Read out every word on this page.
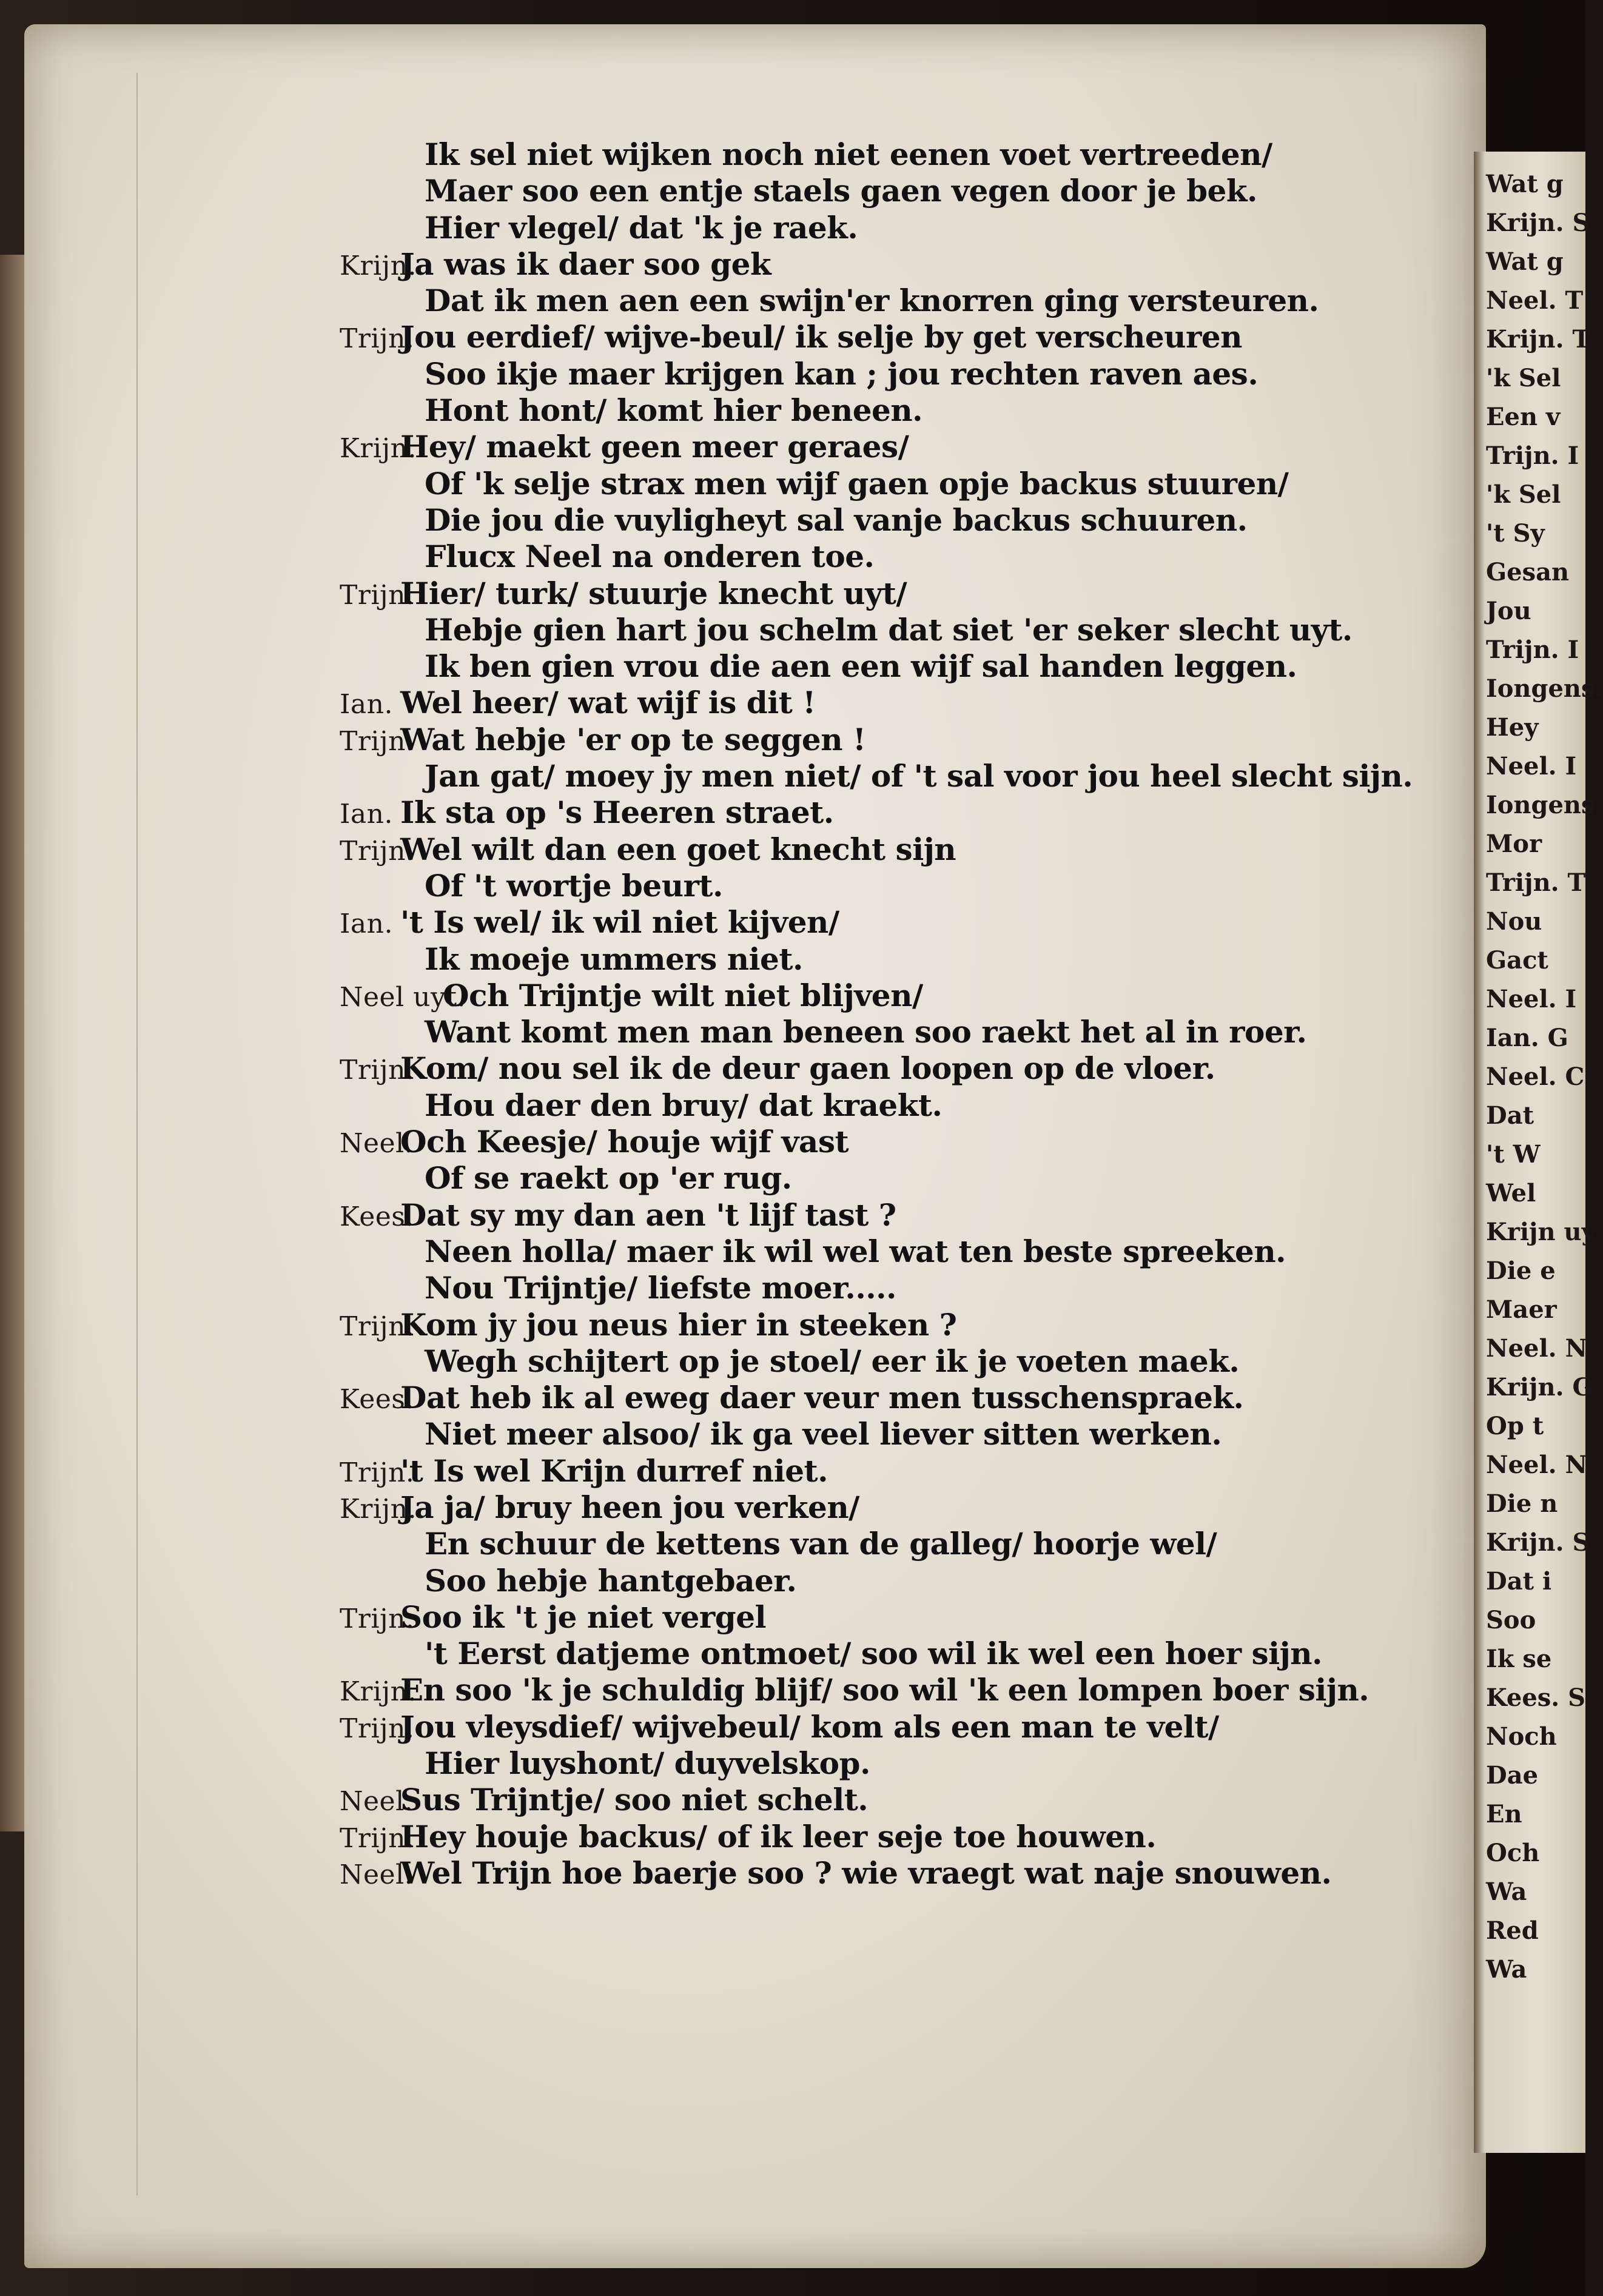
Ik sel niet wijken noch niet eenen voet vertreeden/
Maer soo een entje staels gaen vegen door je bek.
Hier vlegel/ dat 'k je raek.
Krijn.Ja was ik daer soo gek
Dat ik men aen een swijn'er knorren ging versteuren.
Trijn.Jou eerdief/ wijve-beul/ ik selje by get verscheuren
Soo ikje maer krijgen kan ; jou rechten raven aes.
Hont hont/ komt hier beneen.
Krijn.Hey/ maekt geen meer geraes/
Of 'k selje strax men wijf gaen opje backus stuuren/
Die jou die vuyligheyt sal vanje backus schuuren.
Flucx Neel na onderen toe.
Trijn.Hier/ turk/ stuurje knecht uyt/
Hebje gien hart jou schelm dat siet 'er seker slecht uyt.
Ik ben gien vrou die aen een wijf sal handen leggen.
Ian. Wel heer/ wat wijf is dit !
Trijn.Wat hebje 'er op te seggen !
Jan gat/ moey jy men niet/ of 't sal voor jou heel slecht sijn.
Ian. Ik sta op 's Heeren straet.
Trijn.Wel wilt dan een goet knecht sijn
Of 't wortje beurt.
Ian. 't Is wel/ ik wil niet kijven/
Ik moeje ummers niet.
Neel uyt.Och Trijntje wilt niet blijven/
Want komt men man beneen soo raekt het al in roer.
Trijn.Kom/ nou sel ik de deur gaen loopen op de vloer.
Hou daer den bruy/ dat kraekt.
Neel.Och Keesje/ houje wijf vast
Of se raekt op 'er rug.
Kees.Dat sy my dan aen 't lijf tast ?
Neen holla/ maer ik wil wel wat ten beste spreeken.
Nou Trijntje/ liefste moer.....
Trijn.Kom jy jou neus hier in steeken ?
Wegh schijtert op je stoel/ eer ik je voeten maek.
Kees.Dat heb ik al eweg daer veur men tusschenspraek.
Niet meer alsoo/ ik ga veel liever sitten werken.
Trijn.'t Is wel Krijn durref niet.
Krijn.Ja ja/ bruy heen jou verken/
En schuur de kettens van de galleg/ hoorje wel/
Soo hebje hantgebaer.
Trijn.Soo ik 't je niet vergel
't Eerst datjeme ontmoet/ soo wil ik wel een hoer sijn.
Krijn.En soo 'k je schuldig blijf/ soo wil 'k een lompen boer sijn.
Trijn.Jou vleysdief/ wijvebeul/ kom als een man te velt/
Hier luyshont/ duyvelskop.
Neel.Sus Trijntje/ soo niet schelt.
Trijn.Hey houje backus/ of ik leer seje toe houwen.
Neel.Wel Trijn hoe baerje soo ? wie vraegt wat naje snouwen.
Wat g
Krijn. S
Wat g
Neel. T
Krijn. T
'k Sel
Een v
Trijn. I
'k Sel
't Sy
Gesan
Jou
Trijn. I
Iongens.
Hey
Neel. I
Iongens
Mor
Trijn. T
Nou
Gact
Neel. I
Ian. G
Neel. C
Dat
't W
Wel
Krijn uy
Die e
Maer
Neel. N
Krijn. G
Op t
Neel. N
Die n
Krijn. S
Dat i
Soo
Ik se
Kees. S
Noch
Dae
En
Och
Wa
Red
Wa
